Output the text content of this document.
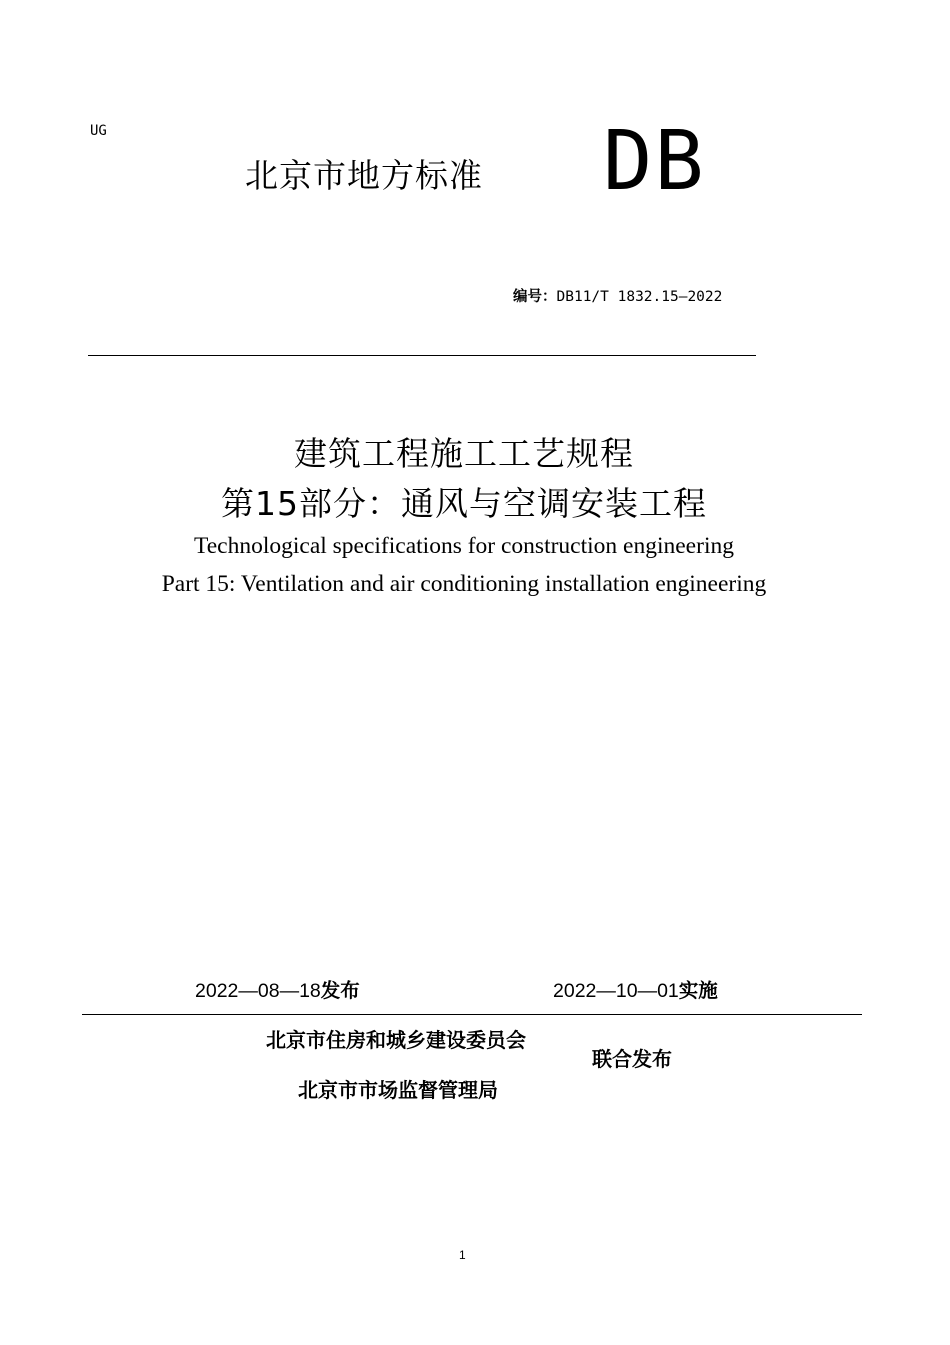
UG
北京市地方标准 DB
编号：DB11/T 1832.15—2022
建筑工程施工工艺规程
第15部分：通风与空调安装工程
Technological specifications for construction engineering
Part 15: Ventilation and air conditioning installation engineering
2022—08—18发布	2022—10—01实施
北京市住房和城乡建设委员会
北京市市场监督管理局
联合发布
1
